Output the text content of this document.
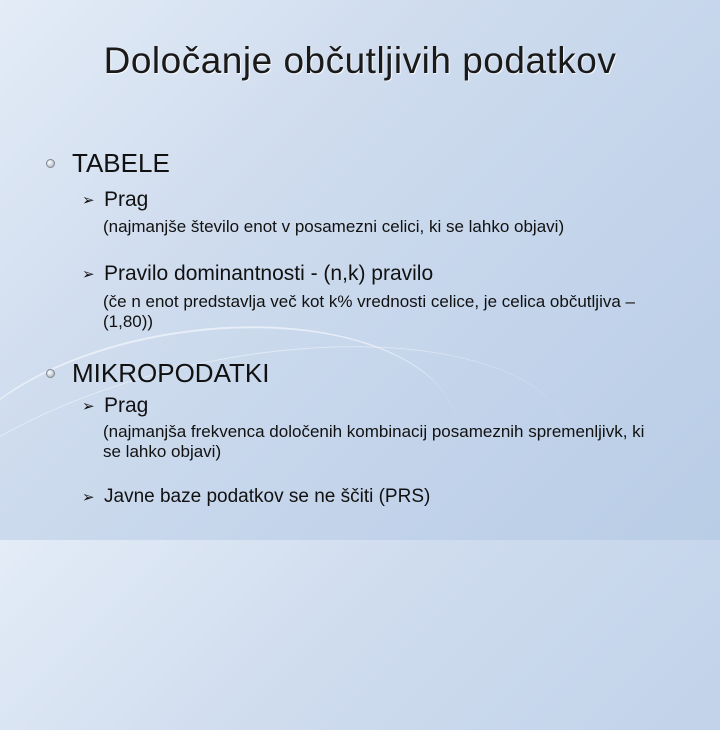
Določanje občutljivih podatkov
TABELE
➢ Prag
(najmanjše število enot v posamezni celici, ki se lahko objavi)
➢ Pravilo dominantnosti - (n,k) pravilo
(če n enot predstavlja več kot k% vrednosti celice, je celica občutljiva – (1,80))
MIKROPODATKI
➢ Prag
(najmanjša frekvenca določenih kombinacij posameznih spremenljivk, ki se lahko objavi)
➢ Javne baze podatkov se ne ščiti (PRS)
